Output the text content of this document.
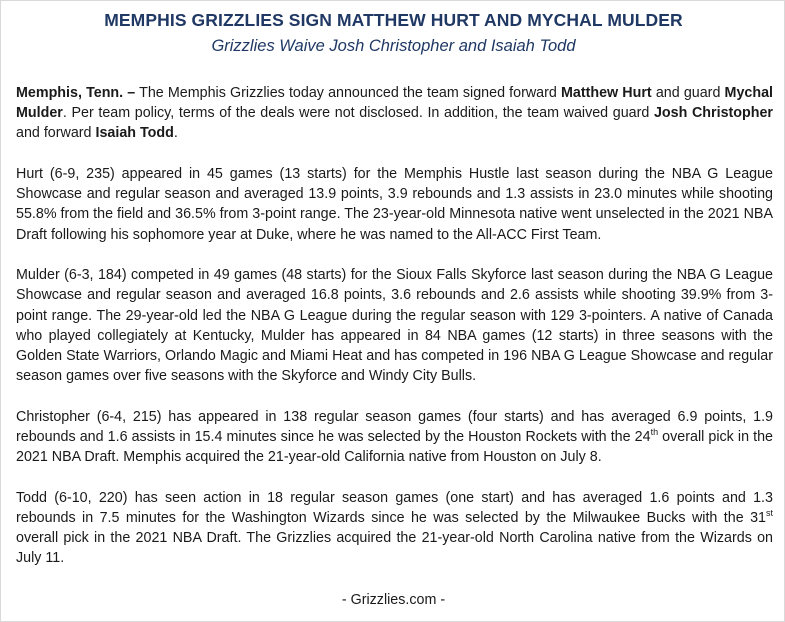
MEMPHIS GRIZZLIES SIGN MATTHEW HURT AND MYCHAL MULDER
Grizzlies Waive Josh Christopher and Isaiah Todd

Memphis, Tenn. – The Memphis Grizzlies today announced the team signed forward Matthew Hurt and guard Mychal Mulder. Per team policy, terms of the deals were not disclosed. In addition, the team waived guard Josh Christopher and forward Isaiah Todd.

Hurt (6-9, 235) appeared in 45 games (13 starts) for the Memphis Hustle last season during the NBA G League Showcase and regular season and averaged 13.9 points, 3.9 rebounds and 1.3 assists in 23.0 minutes while shooting 55.8% from the field and 36.5% from 3-point range. The 23-year-old Minnesota native went unselected in the 2021 NBA Draft following his sophomore year at Duke, where he was named to the All-ACC First Team.

Mulder (6-3, 184) competed in 49 games (48 starts) for the Sioux Falls Skyforce last season during the NBA G League Showcase and regular season and averaged 16.8 points, 3.6 rebounds and 2.6 assists while shooting 39.9% from 3-point range. The 29-year-old led the NBA G League during the regular season with 129 3-pointers. A native of Canada who played collegiately at Kentucky, Mulder has appeared in 84 NBA games (12 starts) in three seasons with the Golden State Warriors, Orlando Magic and Miami Heat and has competed in 196 NBA G League Showcase and regular season games over five seasons with the Skyforce and Windy City Bulls.

Christopher (6-4, 215) has appeared in 138 regular season games (four starts) and has averaged 6.9 points, 1.9 rebounds and 1.6 assists in 15.4 minutes since he was selected by the Houston Rockets with the 24th overall pick in the 2021 NBA Draft. Memphis acquired the 21-year-old California native from Houston on July 8.

Todd (6-10, 220) has seen action in 18 regular season games (one start) and has averaged 1.6 points and 1.3 rebounds in 7.5 minutes for the Washington Wizards since he was selected by the Milwaukee Bucks with the 31st overall pick in the 2021 NBA Draft. The Grizzlies acquired the 21-year-old North Carolina native from the Wizards on July 11.

- Grizzlies.com -
